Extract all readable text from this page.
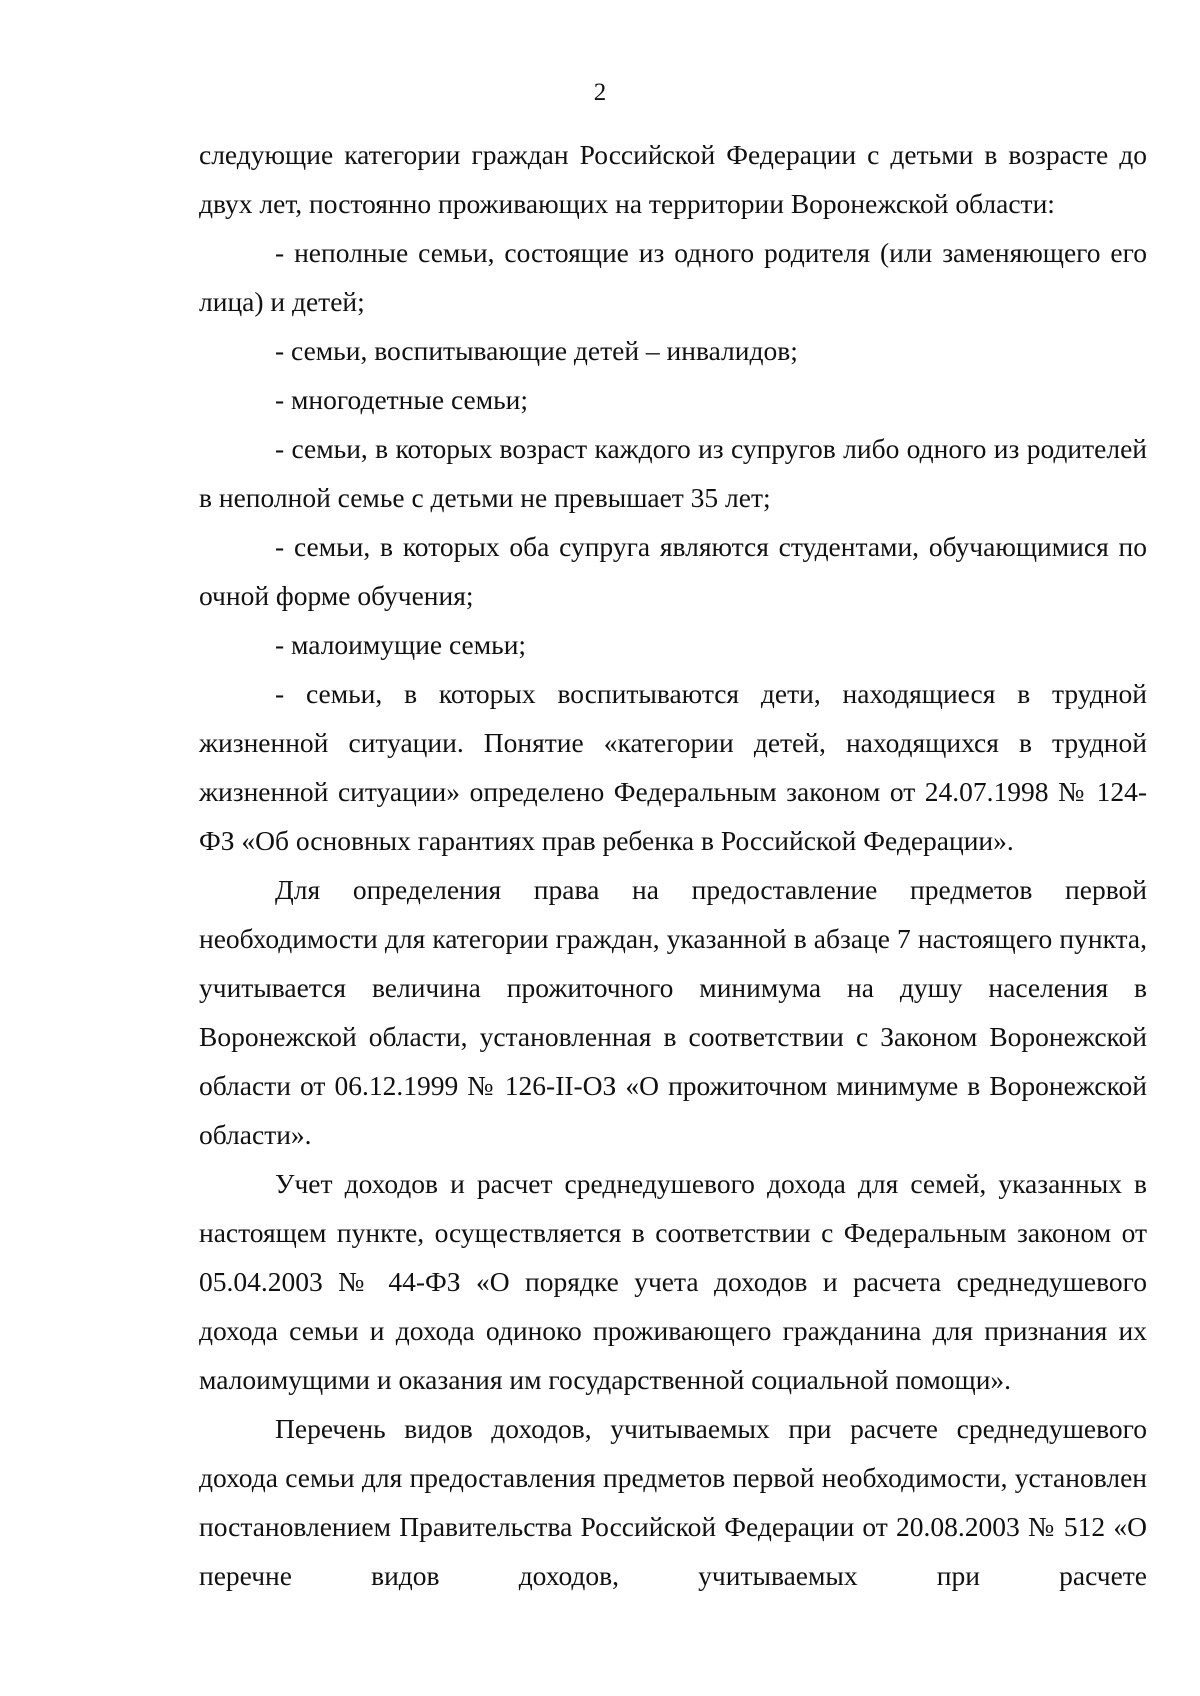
2

следующие категории граждан Российской Федерации с детьми в возрасте до двух лет, постоянно проживающих на территории Воронежской области:

- неполные семьи, состоящие из одного родителя (или заменяющего его лица) и детей;

- семьи, воспитывающие детей – инвалидов;

- многодетные семьи;

- семьи, в которых возраст каждого из супругов либо одного из родителей в неполной семье с детьми не превышает 35 лет;

- семьи, в которых оба супруга являются студентами, обучающимися по очной форме обучения;

- малоимущие семьи;

- семьи, в которых воспитываются дети, находящиеся в трудной жизненной ситуации. Понятие «категории детей, находящихся в трудной жизненной ситуации» определено Федеральным законом от 24.07.1998 № 124-ФЗ «Об основных гарантиях прав ребенка в Российской Федерации».

Для определения права на предоставление предметов первой необходимости для категории граждан, указанной в абзаце 7 настоящего пункта, учитывается величина прожиточного минимума на душу населения в Воронежской области, установленная в соответствии с Законом Воронежской области от 06.12.1999 № 126-II-ОЗ «О прожиточном минимуме в Воронежской области».

Учет доходов и расчет среднедушевого дохода для семей, указанных в настоящем пункте, осуществляется в соответствии с Федеральным законом от 05.04.2003 № 44-ФЗ «О порядке учета доходов и расчета среднедушевого дохода семьи и дохода одиноко проживающего гражданина для признания их малоимущими и оказания им государственной социальной помощи».

Перечень видов доходов, учитываемых при расчете среднедушевого дохода семьи для предоставления предметов первой необходимости, установлен постановлением Правительства Российской Федерации от 20.08.2003 № 512 «О перечне видов доходов, учитываемых при расчете
